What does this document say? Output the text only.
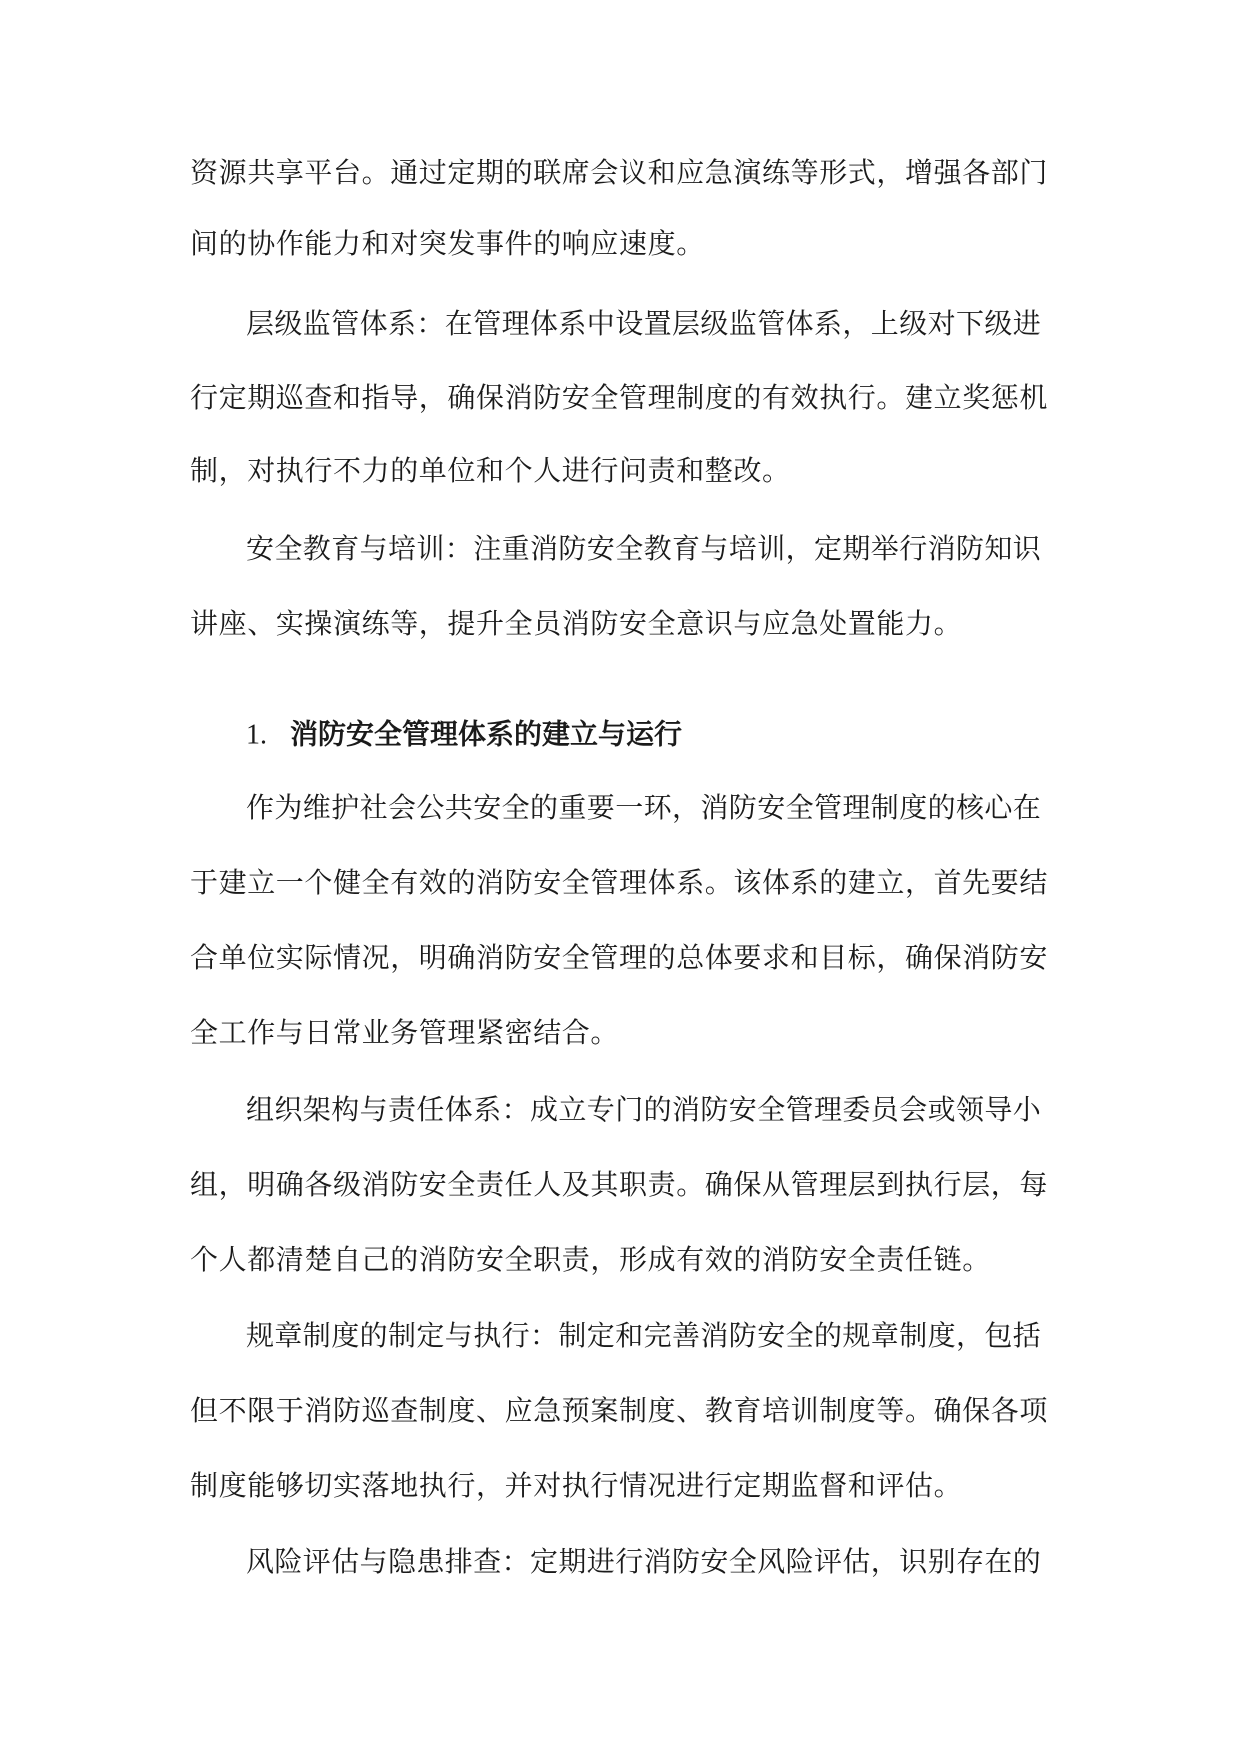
资源共享平台。通过定期的联席会议和应急演练等形式，增强各部门
间的协作能力和对突发事件的响应速度。
层级监管体系：在管理体系中设置层级监管体系，上级对下级进
行定期巡查和指导，确保消防安全管理制度的有效执行。建立奖惩机
制，对执行不力的单位和个人进行问责和整改。
安全教育与培训：注重消防安全教育与培训，定期举行消防知识
讲座、实操演练等，提升全员消防安全意识与应急处置能力。
1. 消防安全管理体系的建立与运行
作为维护社会公共安全的重要一环，消防安全管理制度的核心在
于建立一个健全有效的消防安全管理体系。该体系的建立，首先要结
合单位实际情况，明确消防安全管理的总体要求和目标，确保消防安
全工作与日常业务管理紧密结合。
组织架构与责任体系：成立专门的消防安全管理委员会或领导小
组，明确各级消防安全责任人及其职责。确保从管理层到执行层，每
个人都清楚自己的消防安全职责，形成有效的消防安全责任链。
规章制度的制定与执行：制定和完善消防安全的规章制度，包括
但不限于消防巡查制度、应急预案制度、教育培训制度等。确保各项
制度能够切实落地执行，并对执行情况进行定期监督和评估。
风险评估与隐患排查：定期进行消防安全风险评估，识别存在的
